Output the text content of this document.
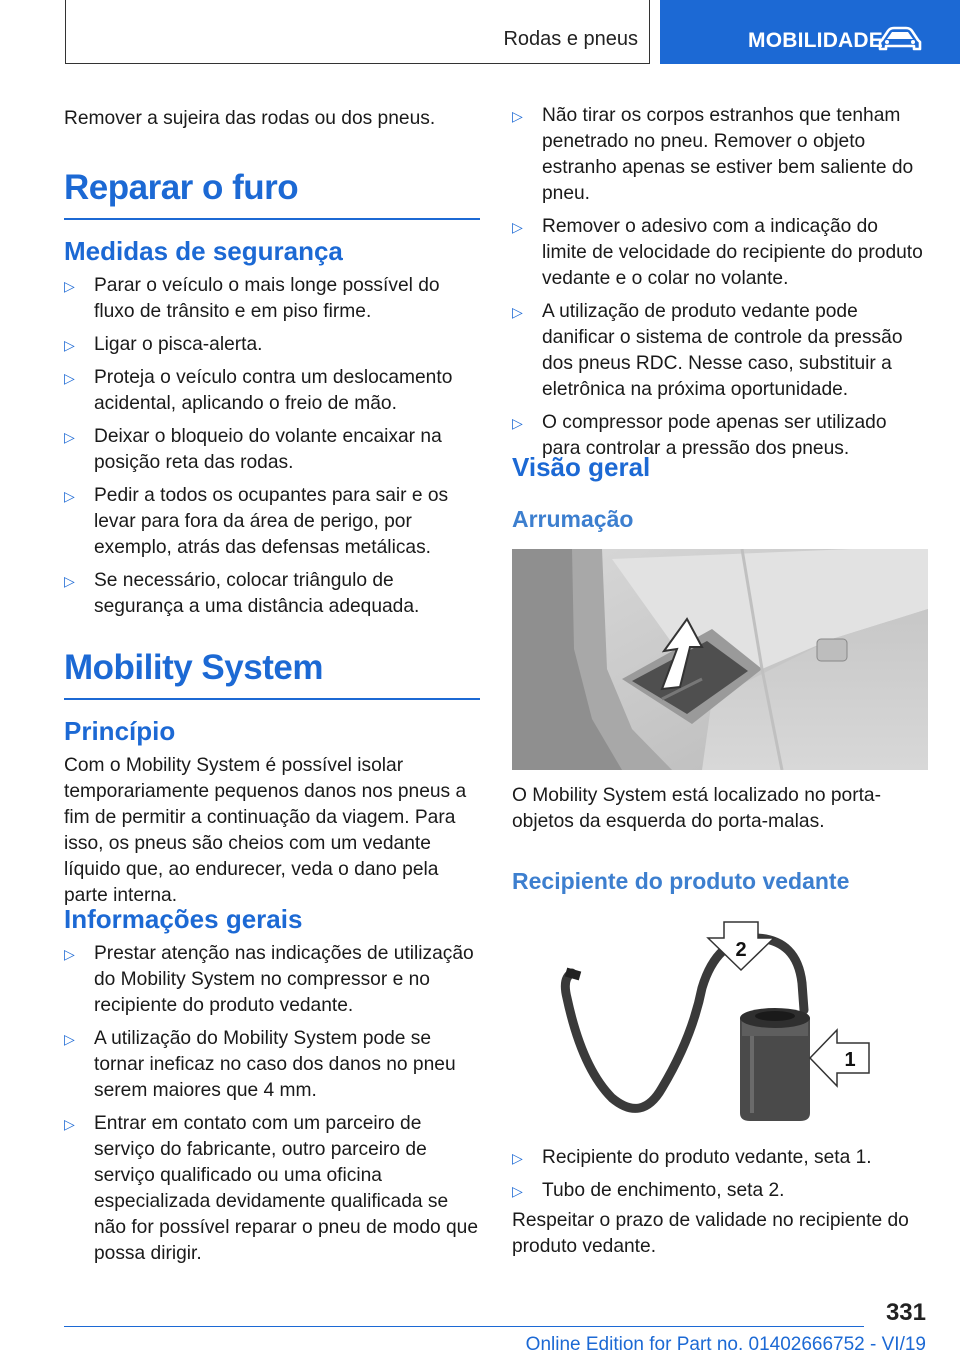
Rodas e pneus	MOBILIDADE

Remover a sujeira das rodas ou dos pneus.

Reparar o furo
Medidas de segurança
▷ Parar o veículo o mais longe possível do fluxo de trânsito e em piso firme.
▷ Ligar o pisca-alerta.
▷ Proteja o veículo contra um deslocamento acidental, aplicando o freio de mão.
▷ Deixar o bloqueio do volante encaixar na posição reta das rodas.
▷ Pedir a todos os ocupantes para sair e os levar para fora da área de perigo, por exemplo, atrás das defensas metálicas.
▷ Se necessário, colocar triângulo de segurança a uma distância adequada.
Mobility System
Princípio

Com o Mobility System é possível isolar temporariamente pequenos danos nos pneus a fim de permitir a continuação da viagem. Para isso, os pneus são cheios com um vedante líquido que, ao endurecer, veda o dano pela parte interna.

Informações gerais
▷ Prestar atenção nas indicações de utilização do Mobility System no compressor e no recipiente do produto vedante.
▷ A utilização do Mobility System pode se tornar ineficaz no caso dos danos no pneu serem maiores que 4 mm.
▷ Entrar em contato com um parceiro de serviço do fabricante, outro parceiro de serviço qualificado ou uma oficina especializada devidamente qualificada se não for possível reparar o pneu de modo que possa dirigir.
▷ Não tirar os corpos estranhos que tenham penetrado no pneu. Remover o objeto estranho apenas se estiver bem saliente do pneu.
▷ Remover o adesivo com a indicação do limite de velocidade do recipiente do produto vedante e o colar no volante.
▷ A utilização de produto vedante pode danificar o sistema de controle da pressão dos pneus RDC. Nesse caso, substituir a eletrônica na próxima oportunidade.
▷ O compressor pode apenas ser utilizado para controlar a pressão dos pneus.
Visão geral
Arrumação

O Mobility System está localizado no porta-objetos da esquerda do porta-malas.

Recipiente do produto vedante
2
1
▷ Recipiente do produto vedante, seta 1.
▷ Tubo de enchimento, seta 2.

Respeitar o prazo de validade no recipiente do produto vedante.

331
Online Edition for Part no. 01402666752 - VI/19
